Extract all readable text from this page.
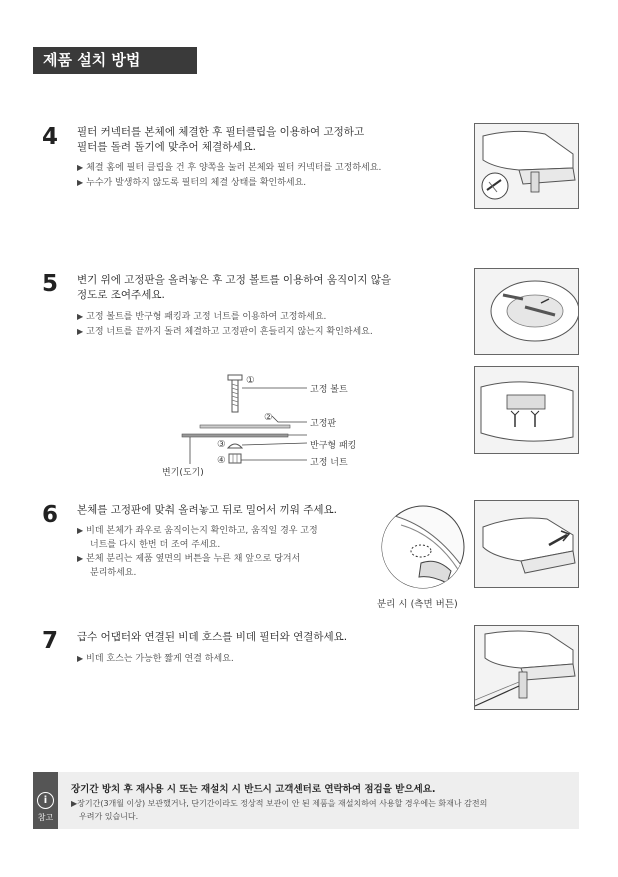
제품 설치 방법
4 필터 커넥터를 본체에 체결한 후 필터클립을 이용하여 고정하고
필터를 돌려 돌기에 맞추어 체결하세요.
▶ 체결 홈에 필터 클립을 건 후 양쪽을 눌러 본체와 필터 커넥터를 고정하세요.
▶ 누수가 발생하지 않도록 필터의 체결 상태를 확인하세요.
5 변기 위에 고정판을 올려놓은 후 고정 볼트를 이용하여 움직이지 않을
정도로 조여주세요.
▶ 고정 볼트를 반구형 패킹과 고정 너트를 이용하여 고정하세요.
▶ 고정 너트를 끝까지 돌려 체결하고 고정판이 흔들리지 않는지 확인하세요.
①
고정 볼트
②
고정판
③	반구형 패킹
④	고정 너트
변기(도기)
6 본체를 고정판에 맞춰 올려놓고 뒤로 밀어서 끼워 주세요.
▶ 비데 본체가 좌우로 움직이는지 확인하고, 움직일 경우 고정
너트를 다시 한번 더 조여 주세요.
▶ 본체 분리는 제품 옆면의 버튼을 누른 채 앞으로 당겨서
분리하세요.
분리 시 (측면 버튼)
7 급수 어댑터와 연결된 비데 호스를 비데 필터와 연결하세요.
▶ 비데 호스는 가능한 짧게 연결 하세요.
i
참고
장기간 방치 후 재사용 시 또는 재설치 시 반드시 고객센터로 연락하여 점검을 받으세요.
▶장기간(3개월 이상) 보관했거나, 단기간이라도 정상적 보관이 안 된 제품을 재설치하여 사용할 경우에는 화재나 감전의
우려가 있습니다.
